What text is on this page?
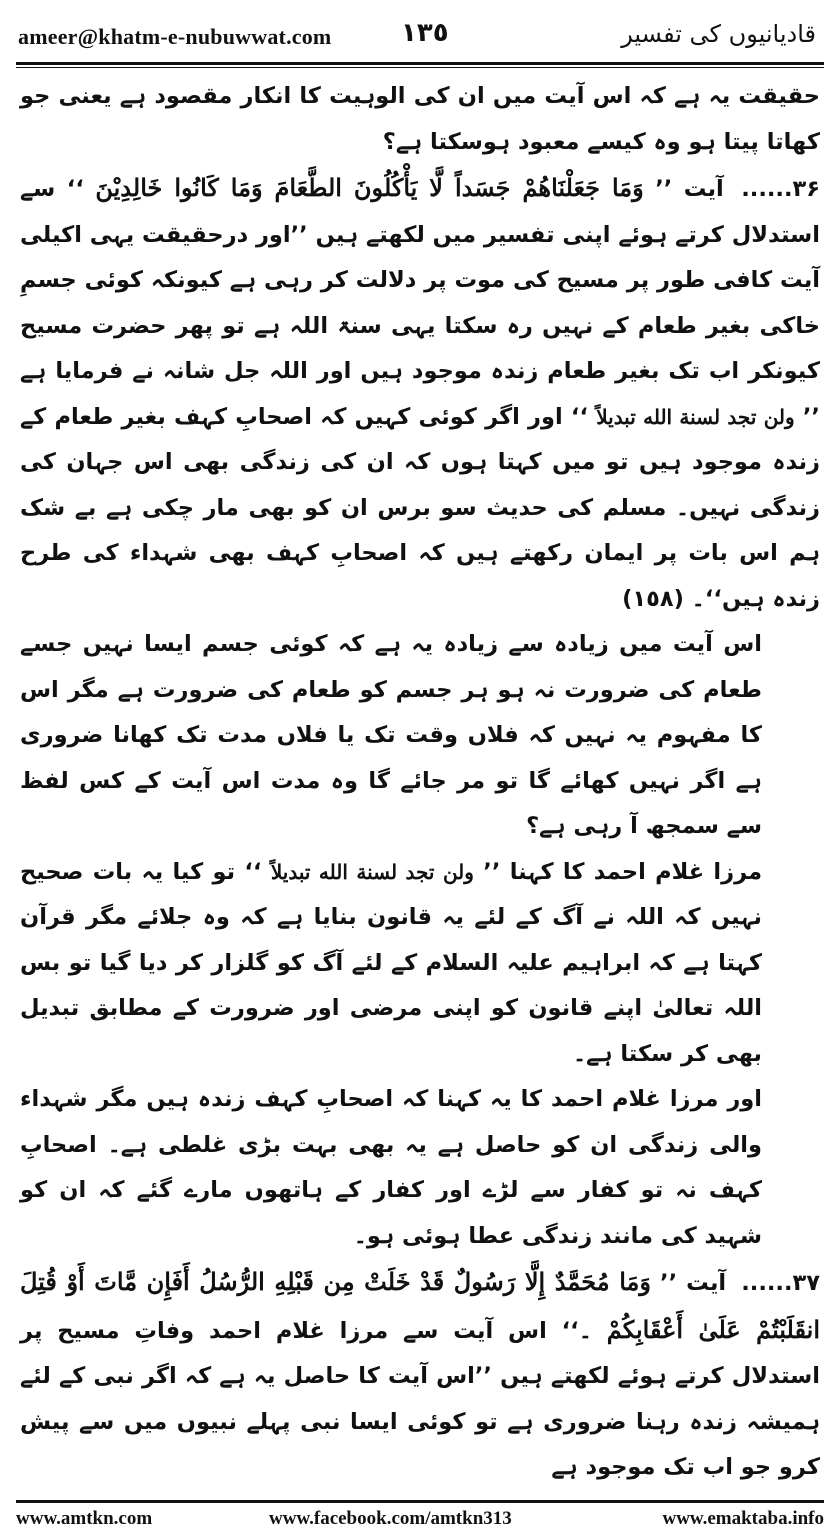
ameer@khatm-e-nubuwwat.com	١٣٥	قادیانیوں کی تفسیر

حقیقت یہ ہے کہ اس آیت میں ان کی الوہیت کا انکار مقصود ہے یعنی جو کھاتا پیتا ہو وہ کیسے معبود ہوسکتا ہے؟

۳۶...... آیت ’’ وَمَا جَعَلْنَاهُمْ جَسَداً لَّا يَأْكُلُونَ الطَّعَامَ وَمَا كَانُوا خَالِدِيْنَ ‘‘ سے استدلال کرتے ہوئے اپنی تفسیر میں لکھتے ہیں ’’اور درحقیقت یہی اکیلی آیت کافی طور پر مسیح کی موت پر دلالت کر رہی ہے کیونکہ کوئی جسمِ خاکی بغیر طعام کے نہیں رہ سکتا یہی سنۃ اللہ ہے تو پھر حضرت مسیح کیونکر اب تک بغیر طعام زندہ موجود ہیں اور اللہ جل شانہ نے فرمایا ہے ’’ ولن تجد لسنة الله تبديلاً ‘‘ اور اگر کوئی کہیں کہ اصحابِ کہف بغیر طعام کے زندہ موجود ہیں تو میں کہتا ہوں کہ ان کی زندگی بھی اس جہان کی زندگی نہیں۔ مسلم کی حدیث سو برس ان کو بھی مار چکی ہے بے شک ہم اس بات پر ایمان رکھتے ہیں کہ اصحابِ کہف بھی شہداء کی طرح زندہ ہیں‘‘۔ (١٥٨)

اس آیت میں زیادہ سے زیادہ یہ ہے کہ کوئی جسم ایسا نہیں جسے طعام کی ضرورت نہ ہو ہر جسم کو طعام کی ضرورت ہے مگر اس کا مفہوم یہ نہیں کہ فلاں وقت تک یا فلاں مدت تک کھانا ضروری ہے اگر نہیں کھائے گا تو مر جائے گا وہ مدت اس آیت کے کس لفظ سے سمجھ آ رہی ہے؟

مرزا غلام احمد کا کہنا ’’ ولن تجد لسنة الله تبديلاً ‘‘ تو کیا یہ بات صحیح نہیں کہ اللہ نے آگ کے لئے یہ قانون بنایا ہے کہ وہ جلائے مگر قرآن کہتا ہے کہ ابراہیم علیہ السلام کے لئے آگ کو گلزار کر دیا گیا تو بس اللہ تعالیٰ اپنے قانون کو اپنی مرضی اور ضرورت کے مطابق تبدیل بھی کر سکتا ہے۔

اور مرزا غلام احمد کا یہ کہنا کہ اصحابِ کہف زندہ ہیں مگر شہداء والی زندگی ان کو حاصل ہے یہ بھی بہت بڑی غلطی ہے۔ اصحابِ کہف نہ تو کفار سے لڑے اور کفار کے ہاتھوں مارے گئے کہ ان کو شہید کی مانند زندگی عطا ہوئی ہو۔

۳۷...... آیت ’’ وَمَا مُحَمَّدٌ إِلَّا رَسُولٌ قَدْ خَلَتْ مِن قَبْلِهِ الرُّسُلُ أَفَإِن مَّاتَ أَوْ قُتِلَ انقَلَبْتُمْ عَلَىٰ أَعْقَابِكُمْ ۔‘‘ اس آیت سے مرزا غلام احمد وفاتِ مسیح پر استدلال کرتے ہوئے لکھتے ہیں ’’اس آیت کا حاصل یہ ہے کہ اگر نبی کے لئے ہمیشہ زندہ رہنا ضروری ہے تو کوئی ایسا نبی پہلے نبیوں میں سے پیش کرو جو اب تک موجود ہے

www.amtkn.com	www.facebook.com/amtkn313	www.emaktaba.info
